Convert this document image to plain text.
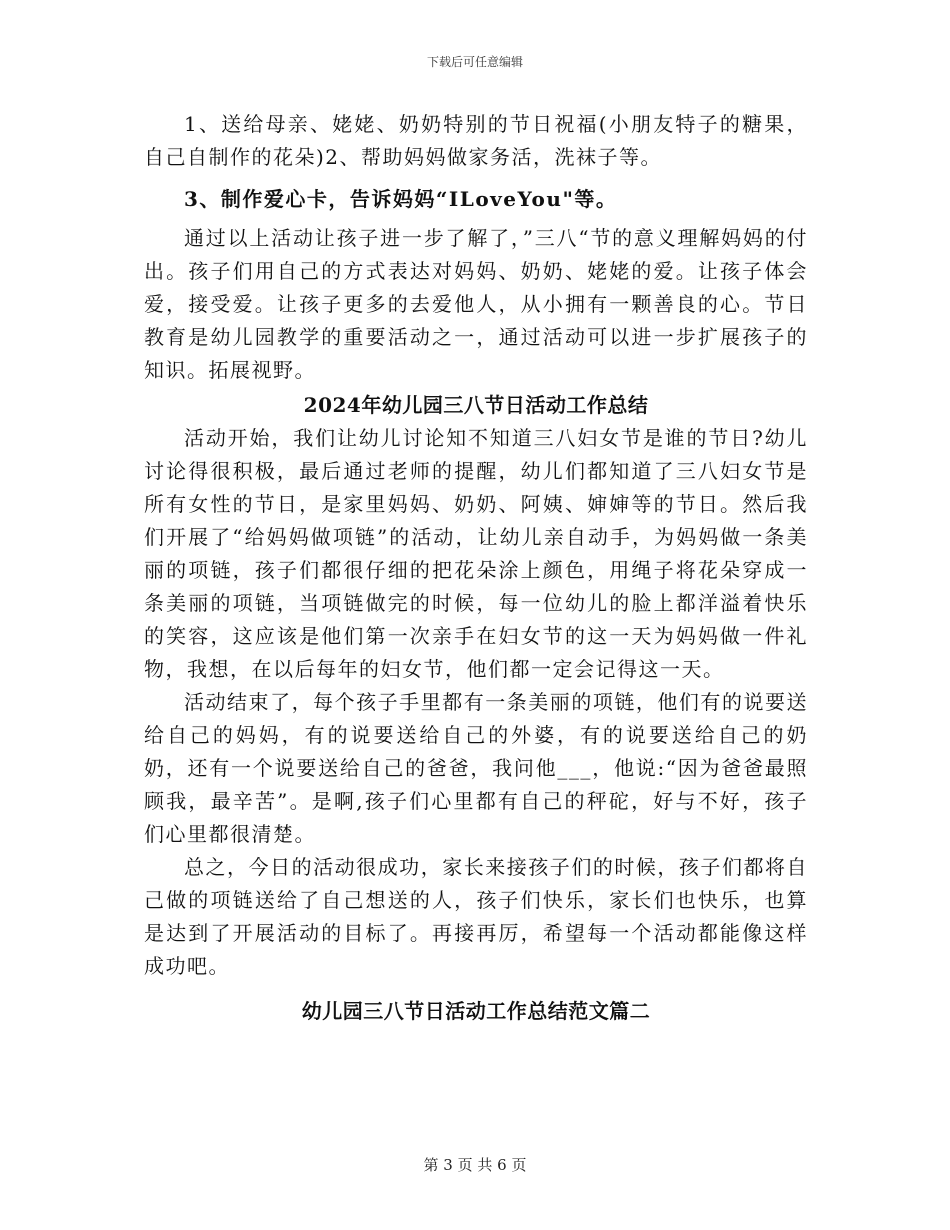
下载后可任意编辑

1、送给母亲、姥姥、奶奶特别的节日祝福(小朋友特子的糖果，自己自制作的花朵)2、帮助妈妈做家务活，洗袜子等。

3、制作爱心卡，告诉妈妈“ILoveYou"等。

通过以上活动让孩子进一步了解了，”三八“节的意义理解妈妈的付出。孩子们用自己的方式表达对妈妈、奶奶、姥姥的爱。让孩子体会爱，接受爱。让孩子更多的去爱他人，从小拥有一颗善良的心。节日教育是幼儿园教学的重要活动之一，通过活动可以进一步扩展孩子的知识。拓展视野。

2024年幼儿园三八节日活动工作总结

活动开始，我们让幼儿讨论知不知道三八妇女节是谁的节日?幼儿讨论得很积极，最后通过老师的提醒，幼儿们都知道了三八妇女节是所有女性的节日，是家里妈妈、奶奶、阿姨、婶婶等的节日。然后我们开展了“给妈妈做项链”的活动，让幼儿亲自动手，为妈妈做一条美丽的项链，孩子们都很仔细的把花朵涂上颜色，用绳子将花朵穿成一条美丽的项链，当项链做完的时候，每一位幼儿的脸上都洋溢着快乐的笑容，这应该是他们第一次亲手在妇女节的这一天为妈妈做一件礼物，我想，在以后每年的妇女节，他们都一定会记得这一天。

活动结束了，每个孩子手里都有一条美丽的项链，他们有的说要送给自己的妈妈，有的说要送给自己的外婆，有的说要送给自己的奶奶，还有一个说要送给自己的爸爸，我问他___，他说:“因为爸爸最照顾我，最辛苦”。是啊,孩子们心里都有自己的秤砣，好与不好，孩子们心里都很清楚。

总之，今日的活动很成功，家长来接孩子们的时候，孩子们都将自己做的项链送给了自己想送的人，孩子们快乐，家长们也快乐，也算是达到了开展活动的目标了。再接再厉，希望每一个活动都能像这样成功吧。

幼儿园三八节日活动工作总结范文篇二
第 3 页 共 6 页
